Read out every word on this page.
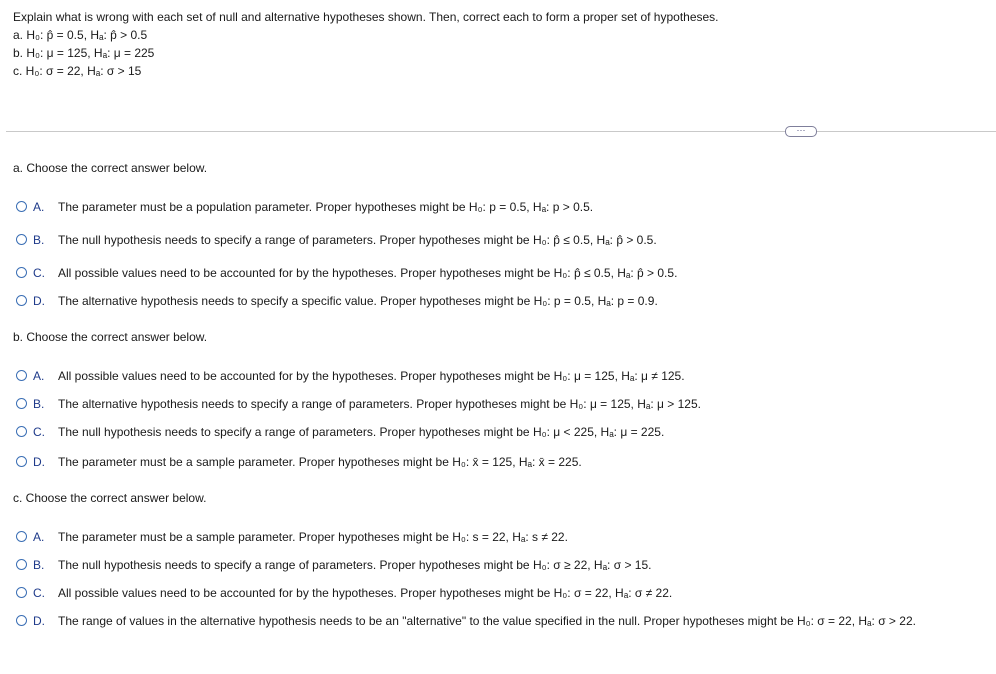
Explain what is wrong with each set of null and alternative hypotheses shown. Then, correct each to form a proper set of hypotheses.
a. H₀: p̂ = 0.5, Hₐ: p̂ > 0.5
b. H₀: μ = 125, Hₐ: μ = 225
c. H₀: σ = 22, Hₐ: σ > 15
···
a. Choose the correct answer below.
A. The parameter must be a population parameter. Proper hypotheses might be H₀: p = 0.5, Hₐ: p > 0.5.
B. The null hypothesis needs to specify a range of parameters. Proper hypotheses might be H₀: p̂ ≤ 0.5, Hₐ: p̂ > 0.5.
C. All possible values need to be accounted for by the hypotheses. Proper hypotheses might be H₀: p̂ ≤ 0.5, Hₐ: p̂ > 0.5.
D. The alternative hypothesis needs to specify a specific value. Proper hypotheses might be H₀: p = 0.5, Hₐ: p = 0.9.
b. Choose the correct answer below.
A. All possible values need to be accounted for by the hypotheses. Proper hypotheses might be H₀: μ = 125, Hₐ: μ ≠ 125.
B. The alternative hypothesis needs to specify a range of parameters. Proper hypotheses might be H₀: μ = 125, Hₐ: μ > 125.
C. The null hypothesis needs to specify a range of parameters. Proper hypotheses might be H₀: μ < 225, Hₐ: μ = 225.
D. The parameter must be a sample parameter. Proper hypotheses might be H₀: x̄ = 125, Hₐ: x̄ = 225.
c. Choose the correct answer below.
A. The parameter must be a sample parameter. Proper hypotheses might be H₀: s = 22, Hₐ: s ≠ 22.
B. The null hypothesis needs to specify a range of parameters. Proper hypotheses might be H₀: σ ≥ 22, Hₐ: σ > 15.
C. All possible values need to be accounted for by the hypotheses. Proper hypotheses might be H₀: σ = 22, Hₐ: σ ≠ 22.
D. The range of values in the alternative hypothesis needs to be an "alternative" to the value specified in the null. Proper hypotheses might be H₀: σ = 22, Hₐ: σ > 22.
